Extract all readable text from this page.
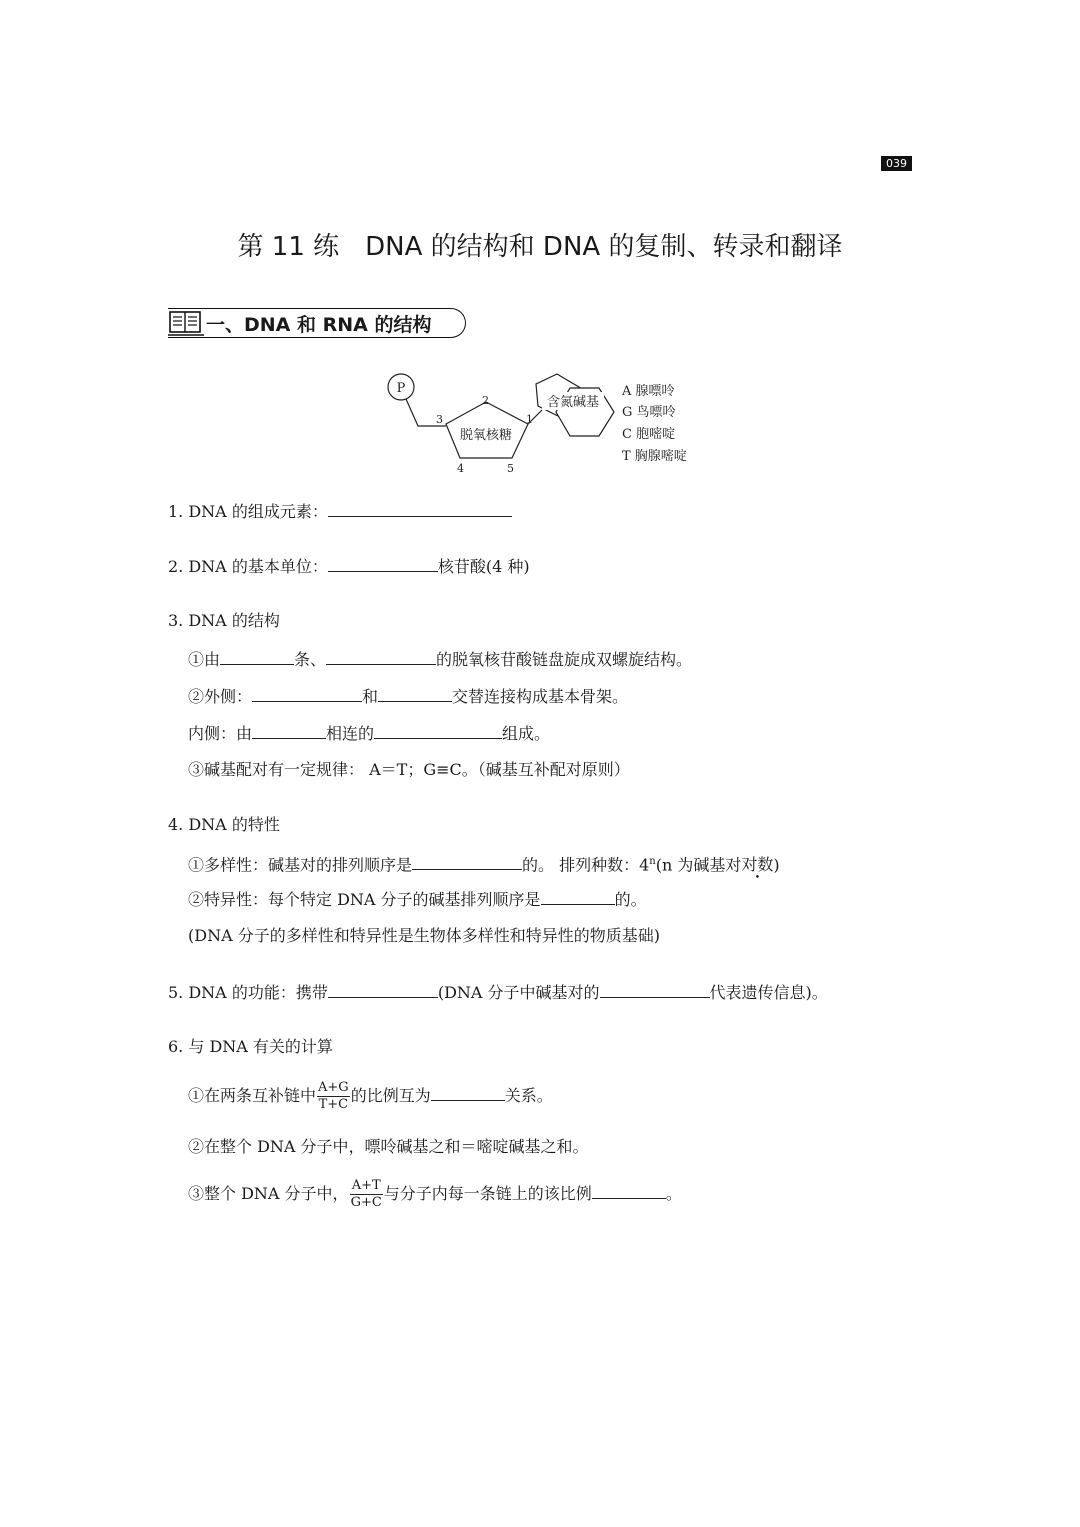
039
第 11 练　DNA 的结构和 DNA 的复制、转录和翻译
一、DNA 和 RNA 的结构
P
脱氧核糖
1
2
3
4	5
含氮碱基
A 腺嘌呤
G 鸟嘌呤
C 胞嘧啶
T 胸腺嘧啶
1. DNA 的组成元素：
2. DNA 的基本单位：	核苷酸(4 种)
3. DNA 的结构
①由	条、	的脱氧核苷酸链盘旋成双螺旋结构。
②外侧：	和	交替连接构成基本骨架。
内侧：由	相连的	组成。
③碱基配对有一定规律： A＝T；G≡C。（碱基互补配对原则）
4. DNA 的特性
①多样性：碱基对的排列顺序是	的。 排列种数：4$^n$(n 为碱基对对数)
②特异性：每个特定 DNA 分子的碱基排列顺序是	的。
(DNA 分子的多样性和特异性是生物体多样性和特异性的物质基础)
5. DNA 的功能：携带	(DNA 分子中碱基对的	代表遗传信息)。
6. 与 DNA 有关的计算
①在两条互补链中 $\frac{A+G}{T+C}$ 的比例互为	关系。
②在整个 DNA 分子中，嘌呤碱基之和＝嘧啶碱基之和。
③整个 DNA 分子中， $\frac{A+T}{G+C}$ 与分子内每一条链上的该比例	。
